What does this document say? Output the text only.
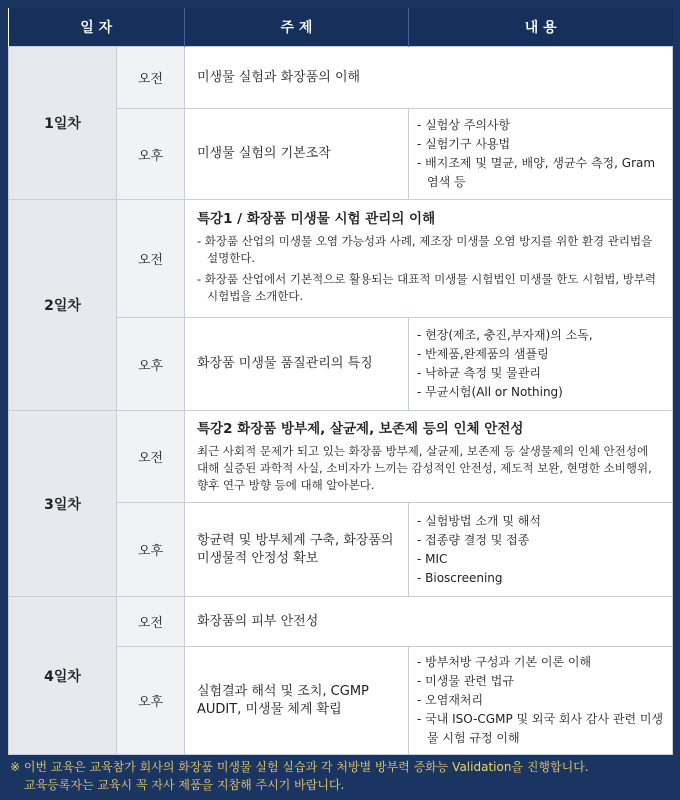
일 자		주 제	내 용
1일차	오전	미생물 실험과 화장품의 이해	
	오후	미생물 실험의 기본조작	- 실험상 주의사항
- 실험기구 사용법
- 배지조제 및 멸균, 배양, 생균수 측정, Gram 염색 등

2일차	오전	특강1 / 화장품 미생물 시험 관리의 이해
- 화장품 산업의 미생물 오염 가능성과 사례, 제조장 미생물 오염 방지를 위한 환경 관리법을 설명한다.
- 화장품 산업에서 기본적으로 활용되는 대표적 미생물 시험법인 미생물 한도 시험법, 방부력 시험법을 소개한다.	

	오후	화장품 미생물 품질관리의 특징	- 현장(제조, 충진,부자재)의 소독,
- 반제품,완제품의 샘플링
- 낙하균 측정 및 물관리
- 무균시험(All or Nothing)

3일차	오전	특강2 화장품 방부제, 살균제, 보존제 등의 인체 안전성
최근 사회적 문제가 되고 있는 화장품 방부제, 살균제, 보존제 등 살생물제의 인체 안전성에 대해 실증된 과학적 사실, 소비자가 느끼는 감성적인 안전성, 제도적 보완, 현명한 소비행위, 향후 연구 방향 등에 대해 알아본다.	

	오후	항균력 및 방부체계 구축, 화장품의 미생물적 안정성 확보	- 실험방법 소개 및 해석
- 접종량 결정 및 접종
- MIC
- Bioscreening

4일차	오전	화장품의 피부 안전성	
	오후	실험결과 해석 및 조치, CGMP AUDIT, 미생물 체계 확립	- 방부처방 구성과 기본 이론 이해
- 미생물 관련 법규
- 오염재처리
- 국내 ISO-CGMP 및 외국 회사 감사 관련 미생물 시험 규정 이해
※ 이번 교육은 교육참가 회사의 화장품 미생물 실험 실습과 각 처방별 방부력 증화능 Validation을 진행합니다.
교육등록자는 교육시 꼭 자사 제품을 지참해 주시기 바랍니다.
